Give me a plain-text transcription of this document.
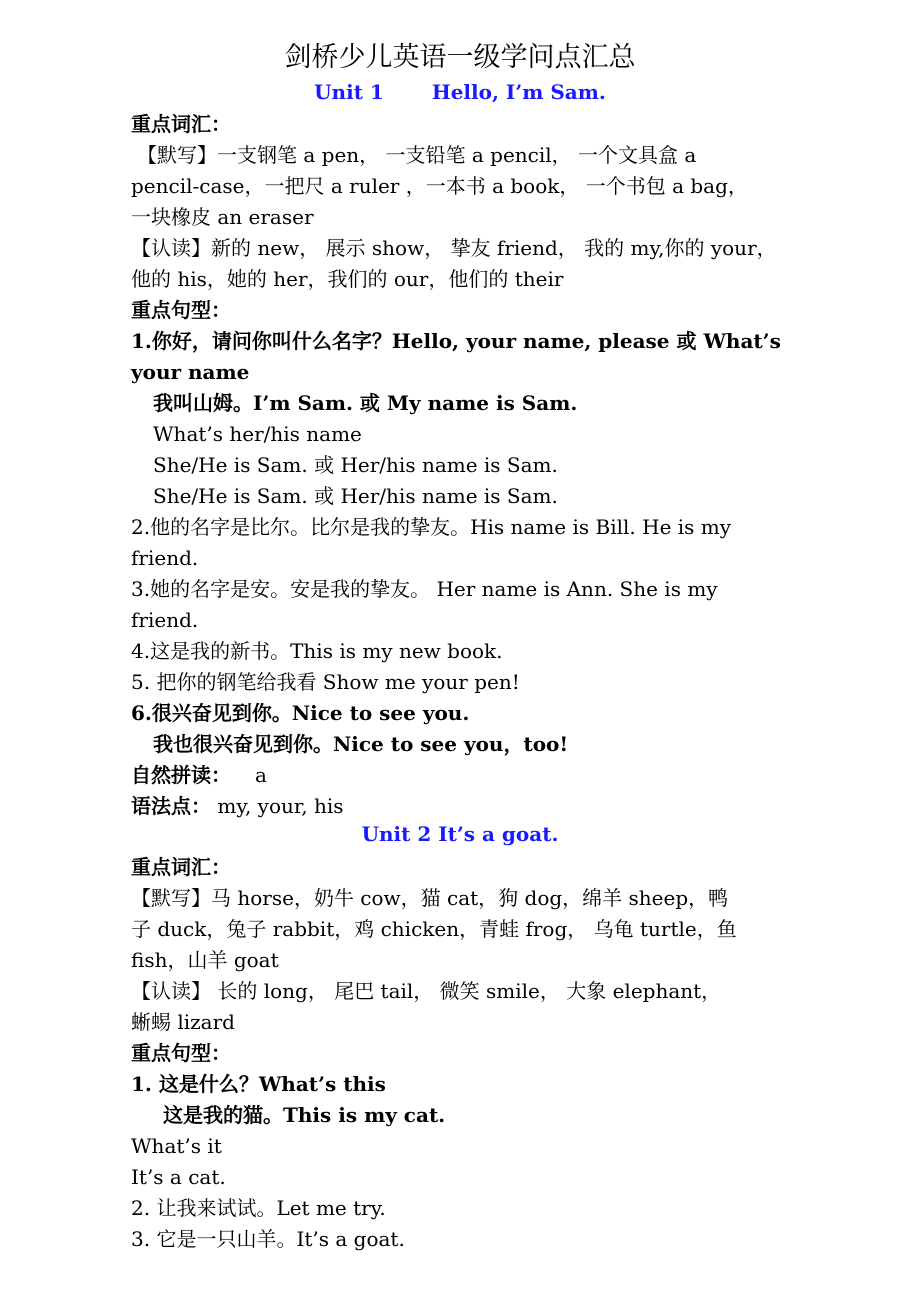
剑桥少儿英语一级学问点汇总
Unit 1 Hello, I’m Sam.
重点词汇：
【默写】一支钢笔 a pen， 一支铅笔 a pencil， 一个文具盒 a
pencil-case，一把尺 a ruler ，一本书 a book， 一个书包 a bag，
一块橡皮 an eraser
【认读】新的 new， 展示 show， 挚友 friend， 我的 my,你的 your，
他的 his，她的 her，我们的 our，他们的 their
重点句型：
1.你好，请问你叫什么名字？Hello, your name, please 或 What’s
your name
我叫山姆。I’m Sam. 或 My name is Sam.
What’s her/his name
She/He is Sam. 或 Her/his name is Sam.
She/He is Sam. 或 Her/his name is Sam.
2.他的名字是比尔。比尔是我的挚友。His name is Bill. He is my
friend.
3.她的名字是安。安是我的挚友。 Her name is Ann. She is my
friend.
4.这是我的新书。This is my new book.
5. 把你的钢笔给我看 Show me your pen!
6.很兴奋见到你。Nice to see you.
我也很兴奋见到你。Nice to see you，too!
自然拼读： a
语法点： my, your, his
Unit 2 It’s a goat.
重点词汇：
【默写】马 horse，奶牛 cow，猫 cat，狗 dog，绵羊 sheep，鸭
子 duck，兔子 rabbit，鸡 chicken，青蛙 frog， 乌龟 turtle，鱼
fish，山羊 goat
【认读】 长的 long， 尾巴 tail， 微笑 smile， 大象 elephant，
蜥蜴 lizard
重点句型：
1. 这是什么？What’s this
这是我的猫。This is my cat.
What’s it
It’s a cat.
2. 让我来试试。Let me try.
3. 它是一只山羊。It’s a goat.
